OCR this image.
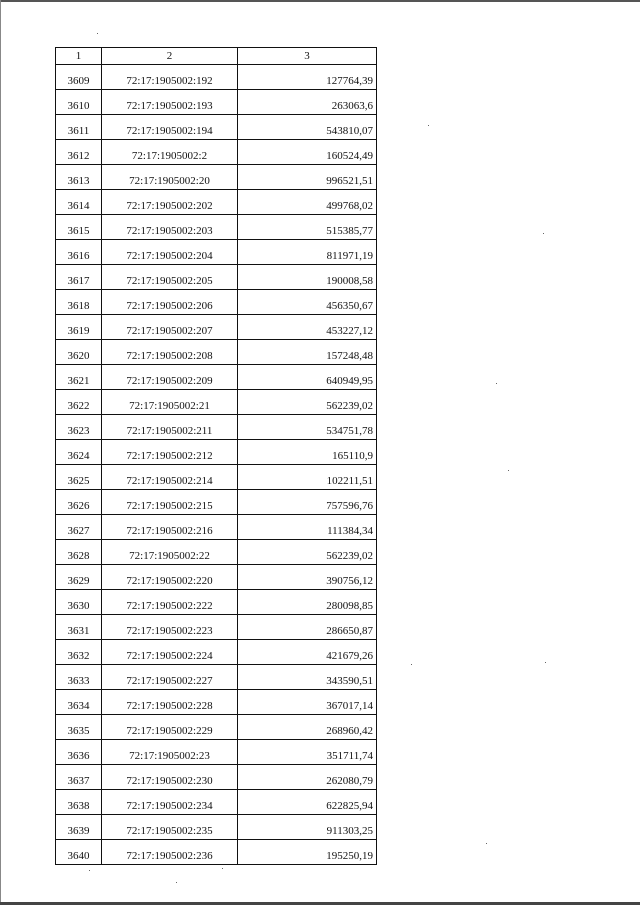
1	2	3
3609	72:17:1905002:192	127764,39
3610	72:17:1905002:193	263063,6
3611	72:17:1905002:194	543810,07
3612	72:17:1905002:2	160524,49
3613	72:17:1905002:20	996521,51
3614	72:17:1905002:202	499768,02
3615	72:17:1905002:203	515385,77
3616	72:17:1905002:204	811971,19
3617	72:17:1905002:205	190008,58
3618	72:17:1905002:206	456350,67
3619	72:17:1905002:207	453227,12
3620	72:17:1905002:208	157248,48
3621	72:17:1905002:209	640949,95
3622	72:17:1905002:21	562239,02
3623	72:17:1905002:211	534751,78
3624	72:17:1905002:212	165110,9
3625	72:17:1905002:214	102211,51
3626	72:17:1905002:215	757596,76
3627	72:17:1905002:216	111384,34
3628	72:17:1905002:22	562239,02
3629	72:17:1905002:220	390756,12
3630	72:17:1905002:222	280098,85
3631	72:17:1905002:223	286650,87
3632	72:17:1905002:224	421679,26
3633	72:17:1905002:227	343590,51
3634	72:17:1905002:228	367017,14
3635	72:17:1905002:229	268960,42
3636	72:17:1905002:23	351711,74
3637	72:17:1905002:230	262080,79
3638	72:17:1905002:234	622825,94
3639	72:17:1905002:235	911303,25
3640	72:17:1905002:236	195250,19
